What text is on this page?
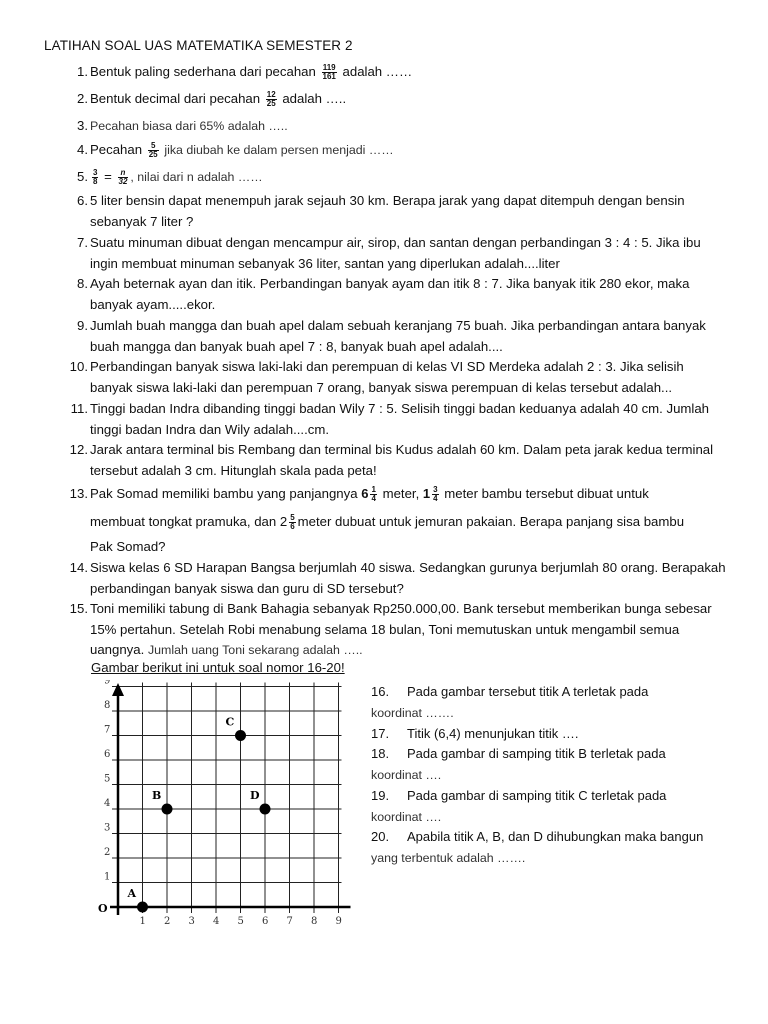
LATIHAN SOAL UAS MATEMATIKA SEMESTER 2
1. Bentuk paling sederhana dari pecahan $\frac{119}{161}$ adalah ……
2. Bentuk decimal dari pecahan $\frac{12}{25}$ adalah …..
3. Pecahan biasa dari 65% adalah …..
4. Pecahan $\frac{5}{25}$ jika diubah ke dalam persen menjadi ……
5. $\frac{3}{8} = \frac{n}{32}$ , nilai dari n adalah ……
6. 5 liter bensin dapat menempuh jarak sejauh 30 km. Berapa jarak yang dapat ditempuh dengan bensin sebanyak 7 liter ?
7. Suatu minuman dibuat dengan mencampur air, sirop, dan santan dengan perbandingan 3 : 4 : 5. Jika ibu ingin membuat minuman sebanyak 36 liter, santan yang diperlukan adalah....liter
8. Ayah beternak ayan dan itik. Perbandingan banyak ayam dan itik 8 : 7. Jika banyak itik 280 ekor, maka banyak ayam.....ekor.
9. Jumlah buah mangga dan buah apel dalam sebuah keranjang 75 buah. Jika perbandingan antara banyak buah mangga dan banyak buah apel 7 : 8, banyak buah apel adalah....
10. Perbandingan banyak siswa laki-laki dan perempuan di kelas VI SD Merdeka adalah 2 : 3. Jika selisih banyak siswa laki-laki dan perempuan 7 orang, banyak siswa perempuan di kelas tersebut adalah...
11. Tinggi badan Indra dibanding tinggi badan Wily 7 : 5. Selisih tinggi badan keduanya adalah 40 cm. Jumlah tinggi badan Indra dan Wily adalah....cm.
12. Jarak antara terminal bis Rembang dan terminal bis Kudus adalah 60 km. Dalam peta jarak kedua terminal tersebut adalah 3 cm. Hitunglah skala pada peta!
13. Pak Somad memiliki bambu yang panjangnya $6 \frac{1}{4}$ meter, $1 \frac{3}{4}$ meter bambu tersebut dibuat untuk
membuat tongkat pramuka, dan $2 \frac{5}{6}$ meter dubuat untuk jemuran pakaian. Berapa panjang sisa bambu
Pak Somad?
14. Siswa kelas 6 SD Harapan Bangsa berjumlah 40 siswa. Sedangkan gurunya berjumlah 80 orang. Berapakah perbandingan banyak siswa dan guru di SD tersebut?
15. Toni memiliki tabung di Bank Bahagia sebanyak Rp250.000,00. Bank tersebut memberikan bunga sebesar 15% pertahun. Setelah Robi menabung selama 18 bulan, Toni memutuskan untuk mengambil semua uangnya. Jumlah uang Toni sekarang adalah …..
Gambar berikut ini untuk soal nomor 16-20!
1 2 3 4 5 6 7 8 9
1
2
3
4
5
6
7
8
9
O
A
B
C
D
16. Pada gambar tersebut titik A terletak pada
koordinat …….
17. Titik (6,4) menunjukan titik ….
18. Pada gambar di samping titik B terletak pada
koordinat ….
19. Pada gambar di samping titik C terletak pada
koordinat ….
20. Apabila titik A, B, dan D dihubungkan maka bangun
yang terbentuk adalah …….
